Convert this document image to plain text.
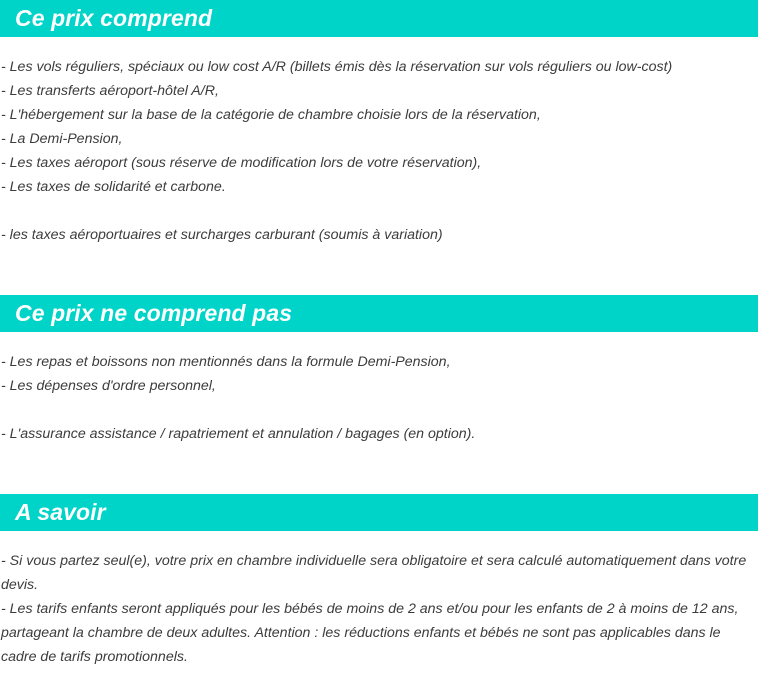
Ce prix comprend
- Les vols réguliers, spéciaux ou low cost A/R (billets émis dès la réservation sur vols réguliers ou low-cost)
- Les transferts aéroport-hôtel A/R,
- L'hébergement sur la base de la catégorie de chambre choisie lors de la réservation,
- La Demi-Pension,
- Les taxes aéroport (sous réserve de modification lors de votre réservation),
- Les taxes de solidarité et carbone.
- les taxes aéroportuaires et surcharges carburant (soumis à variation)
Ce prix ne comprend pas
- Les repas et boissons non mentionnés dans la formule Demi-Pension,
- Les dépenses d'ordre personnel,
- L'assurance assistance / rapatriement et annulation / bagages (en option).
A savoir
- Si vous partez seul(e), votre prix en chambre individuelle sera obligatoire et sera calculé automatiquement dans votre devis.
- Les tarifs enfants seront appliqués pour les bébés de moins de 2 ans et/ou pour les enfants de 2 à moins de 12 ans, partageant la chambre de deux adultes. Attention : les réductions enfants et bébés ne sont pas applicables dans le cadre de tarifs promotionnels.
